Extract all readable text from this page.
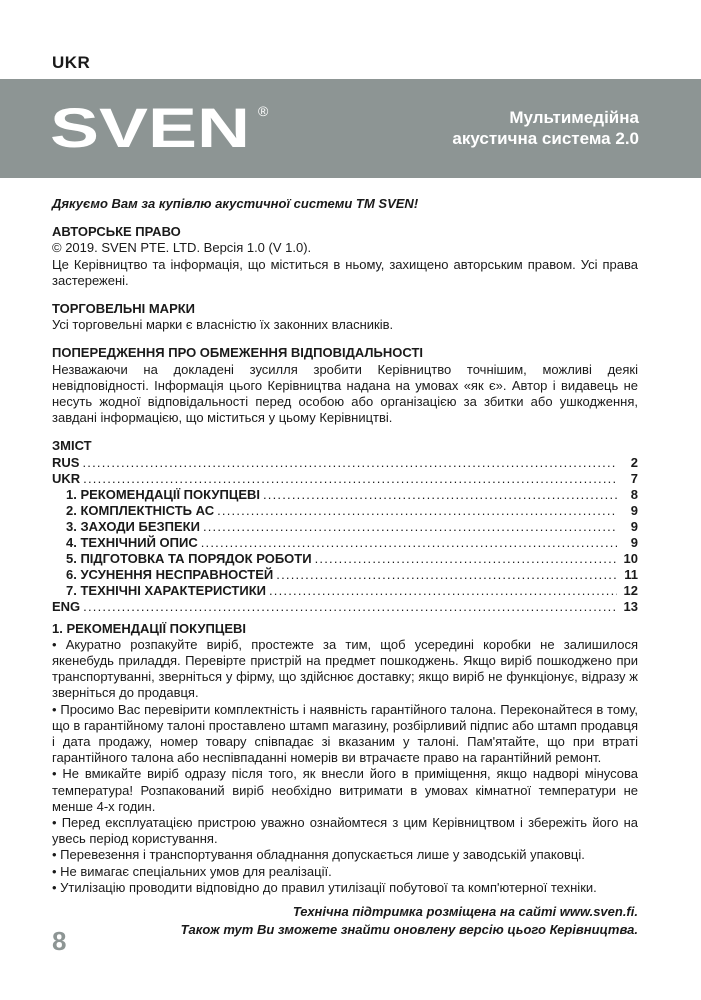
UKR
SVEN ®	Мультимедійна
акустична система 2.0

Дякуємо Вам за купівлю акустичної системи ТМ SVEN!

АВТОРСЬКЕ ПРАВО

© 2019. SVEN PTE. LTD. Версія 1.0 (V 1.0).

Це Керівництво та інформація, що міститься в ньому, захищено авторським правом. Усі права застережені.

ТОРГОВЕЛЬНІ МАРКИ

Усі торговельні марки є власністю їх законних власників.

ПОПЕРЕДЖЕННЯ ПРО ОБМЕЖЕННЯ ВІДПОВІДАЛЬНОСТІ

Незважаючи на докладені зусилля зробити Керівництво точнішим, можливі деякі невідповідності. Інформація цього Керівництва надана на умовах «як є». Автор і видавець не несуть жодної відповідальності перед особою або організацією за збитки або ушкодження, завдані інформацією, що міститься у цьому Керівництві.

ЗМІСТ
RUS .....	2
UKR .....	7
1. РЕКОМЕНДАЦІЇ ПОКУПЦЕВІ .....	8
2. КОМПЛЕКТНІСТЬ АС .....	9
3. ЗАХОДИ БЕЗПЕКИ .....	9
4. ТЕХНІЧНИЙ ОПИС .....	9
5. ПІДГОТОВКА ТА ПОРЯДОК РОБОТИ .....	10
6. УСУНЕННЯ НЕСПРАВНОСТЕЙ .....	11
7. ТЕХНІЧНІ ХАРАКТЕРИСТИКИ .....	12
ENG .....	13
1. РЕКОМЕНДАЦІЇ ПОКУПЦЕВІ

• Акуратно розпакуйте виріб, простежте за тим, щоб усередині коробки не залишилося якенебудь приладдя. Перевірте пристрій на предмет пошкоджень. Якщо виріб пошкоджено при транспортуванні, зверніться у фірму, що здійснює доставку; якщо виріб не функціонує, відразу ж зверніться до продавця.

• Просимо Вас перевірити комплектність і наявність гарантійного талона. Переконайтеся в тому, що в гарантійному талоні проставлено штамп магазину, розбірливий підпис або штамп продавця і дата продажу, номер товару співпадає зі вказаним у талоні. Пам'ятайте, що при втраті гарантійного талона або неспівпаданні номерів ви втрачаєте право на гарантійний ремонт.

• Не вмикайте виріб одразу після того, як внесли його в приміщення, якщо надворі мінусова температура! Розпакований виріб необхідно витримати в умовах кімнатної температури не менше 4-х годин.

• Перед експлуатацією пристрою уважно ознайомтеся з цим Керівництвом і збережіть його на увесь період користування.

• Перевезення і транспортування обладнання допускається лише у заводській упаковці.

• Не вимагає спеціальних умов для реалізації.

• Утилізацію проводити відповідно до правил утилізації побутової та комп'ютерної техніки.

Технічна підтримка розміщена на сайті www.sven.fi.
Також тут Ви зможете знайти оновлену версію цього Керівництва.
8
